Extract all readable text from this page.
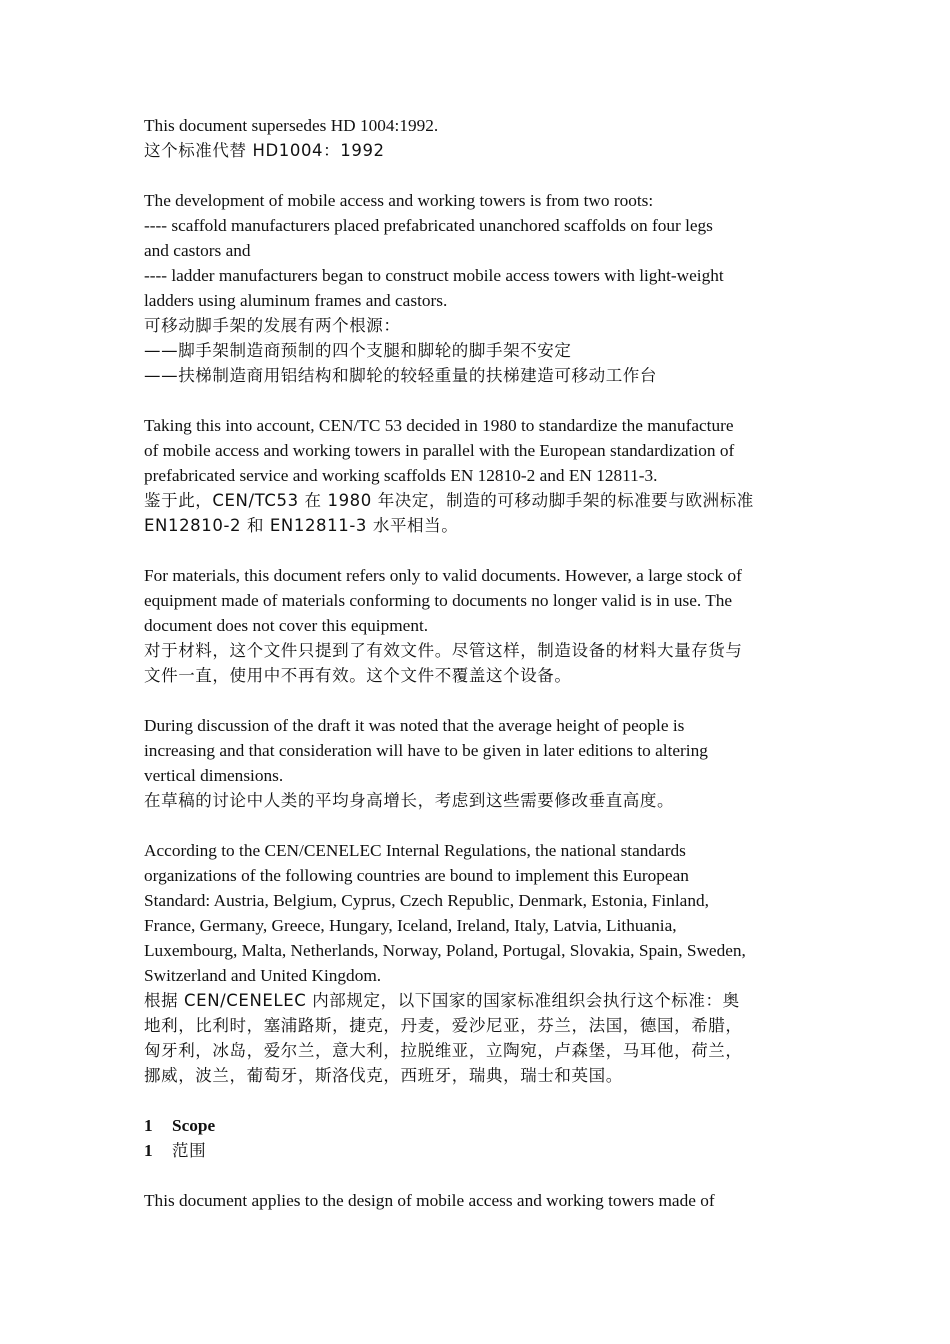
This document supersedes HD 1004:1992.
这个标准代替 HD1004：1992
The development of mobile access and working towers is from two roots:
---- scaffold manufacturers placed prefabricated unanchored scaffolds on four legs
and castors and
---- ladder manufacturers began to construct mobile access towers with light-weight
ladders using aluminum frames and castors.
可移动脚手架的发展有两个根源：
——脚手架制造商预制的四个支腿和脚轮的脚手架不安定
——扶梯制造商用铝结构和脚轮的较轻重量的扶梯建造可移动工作台
Taking this into account, CEN/TC 53 decided in 1980 to standardize the manufacture
of mobile access and working towers in parallel with the European standardization of
prefabricated service and working scaffolds EN 12810-2 and EN 12811-3.
鉴于此，CEN/TC53 在 1980 年决定，制造的可移动脚手架的标准要与欧洲标准
EN12810-2 和 EN12811-3 水平相当。
For materials, this document refers only to valid documents. However, a large stock of
equipment made of materials conforming to documents no longer valid is in use. The
document does not cover this equipment.
对于材料，这个文件只提到了有效文件。尽管这样，制造设备的材料大量存货与
文件一直，使用中不再有效。这个文件不覆盖这个设备。
During discussion of the draft it was noted that the average height of people is
increasing and that consideration will have to be given in later editions to altering
vertical dimensions.
在草稿的讨论中人类的平均身高增长，考虑到这些需要修改垂直高度。
According to the CEN/CENELEC Internal Regulations, the national standards
organizations of the following countries are bound to implement this European
Standard: Austria, Belgium, Cyprus, Czech Republic, Denmark, Estonia, Finland,
France, Germany, Greece, Hungary, Iceland, Ireland, Italy, Latvia, Lithuania,
Luxembourg, Malta, Netherlands, Norway, Poland, Portugal, Slovakia, Spain, Sweden,
Switzerland and United Kingdom.
根据 CEN/CENELEC 内部规定，以下国家的国家标准组织会执行这个标准：奥
地利，比利时，塞浦路斯，捷克，丹麦，爱沙尼亚，芬兰，法国，德国，希腊，
匈牙利，冰岛，爱尔兰，意大利，拉脱维亚，立陶宛，卢森堡，马耳他，荷兰，
挪威，波兰，葡萄牙，斯洛伐克，西班牙，瑞典，瑞士和英国。
1 Scope
1 范围
This document applies to the design of mobile access and working towers made of
